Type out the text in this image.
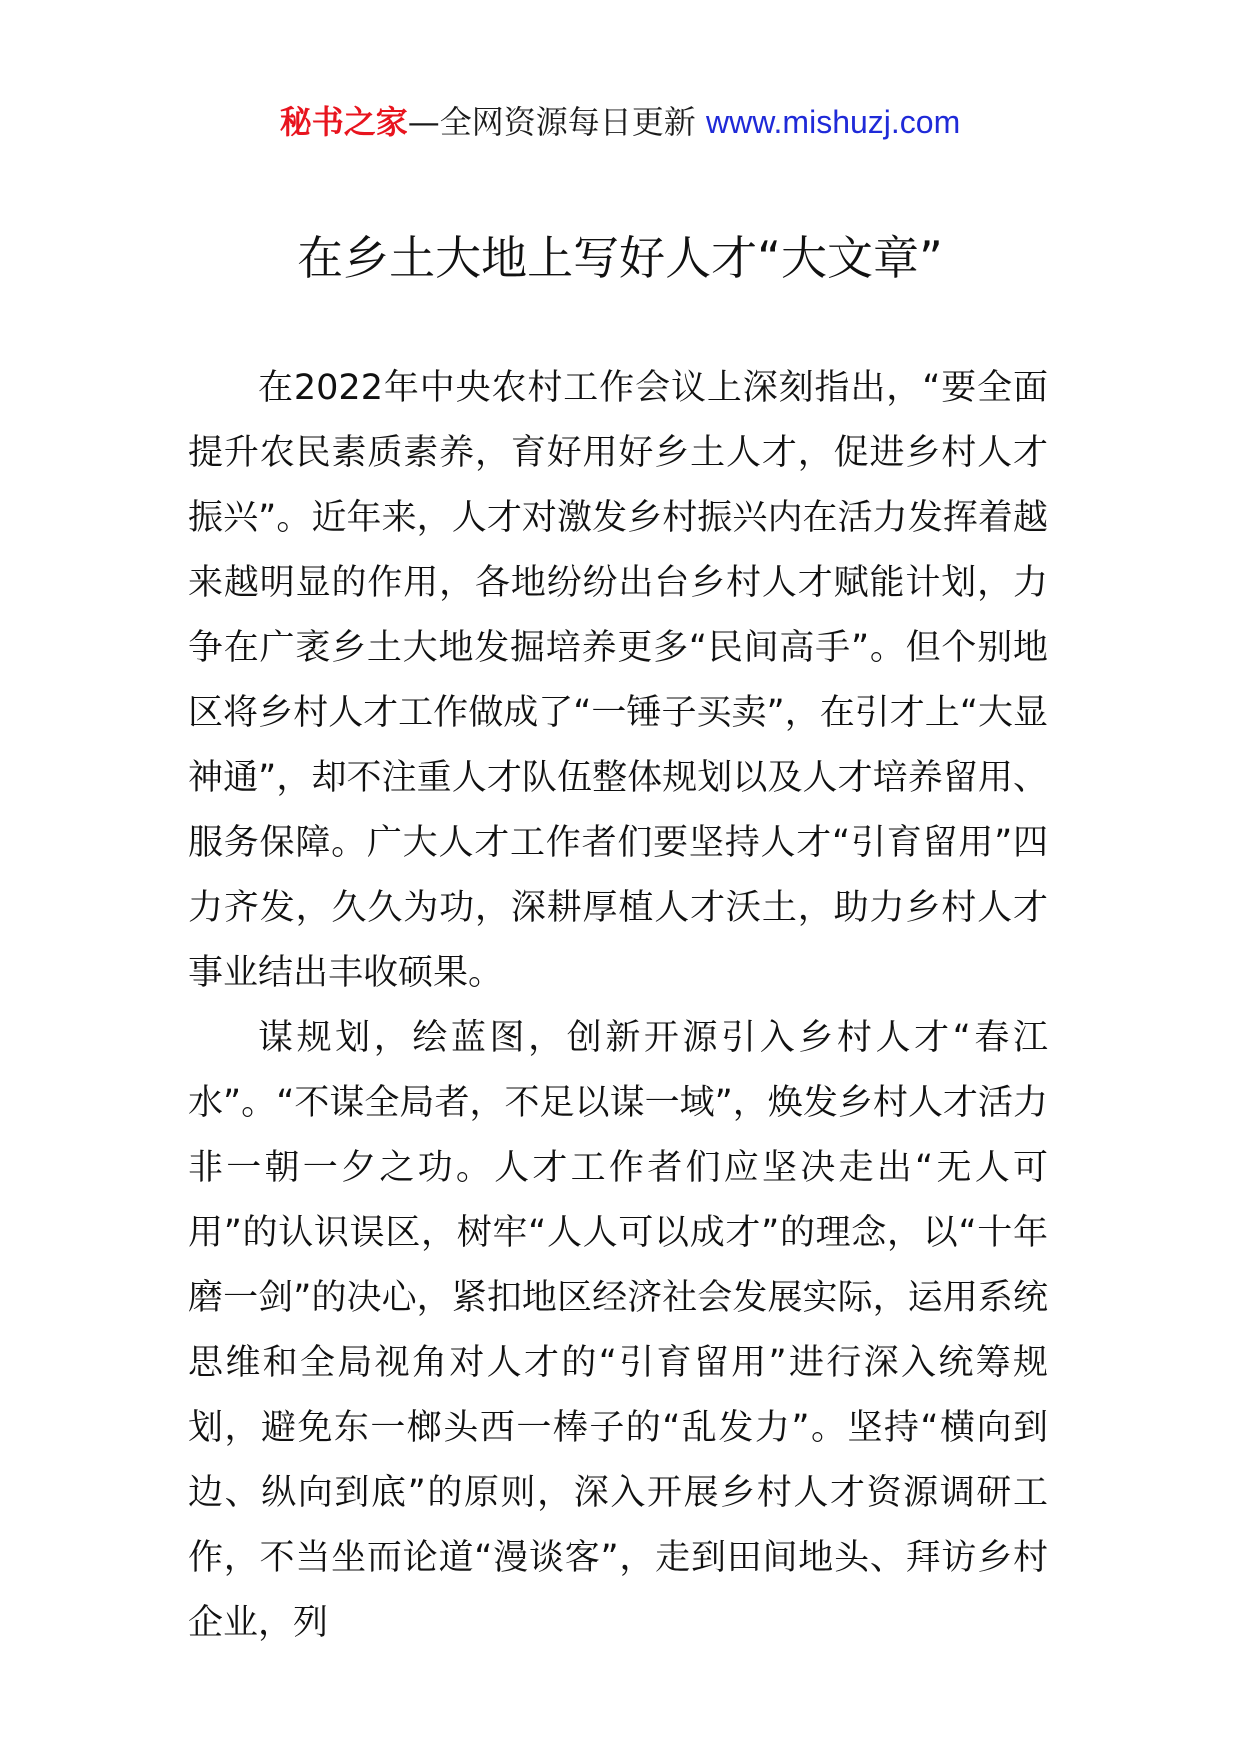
秘书之家—全网资源每日更新 www.mishuzj.com
在乡土大地上写好人才“大文章”

在2022年中央农村工作会议上深刻指出，“要全面提升农民素质素养，育好用好乡土人才，促进乡村人才振兴”。近年来，人才对激发乡村振兴内在活力发挥着越来越明显的作用，各地纷纷出台乡村人才赋能计划，力争在广袤乡土大地发掘培养更多“民间高手”。但个别地区将乡村人才工作做成了“一锤子买卖”，在引才上“大显神通”，却不注重人才队伍整体规划以及人才培养留用、服务保障。广大人才工作者们要坚持人才“引育留用”四力齐发，久久为功，深耕厚植人才沃土，助力乡村人才事业结出丰收硕果。

谋规划，绘蓝图，创新开源引入乡村人才“春江水”。“不谋全局者，不足以谋一域”，焕发乡村人才活力非一朝一夕之功。人才工作者们应坚决走出“无人可用”的认识误区，树牢“人人可以成才”的理念，以“十年磨一剑”的决心，紧扣地区经济社会发展实际，运用系统思维和全局视角对人才的“引育留用”进行深入统筹规划，避免东一榔头西一棒子的“乱发力”。坚持“横向到边、纵向到底”的原则，深入开展乡村人才资源调研工作，不当坐而论道“漫谈客”，走到田间地头、拜访乡村企业，列
